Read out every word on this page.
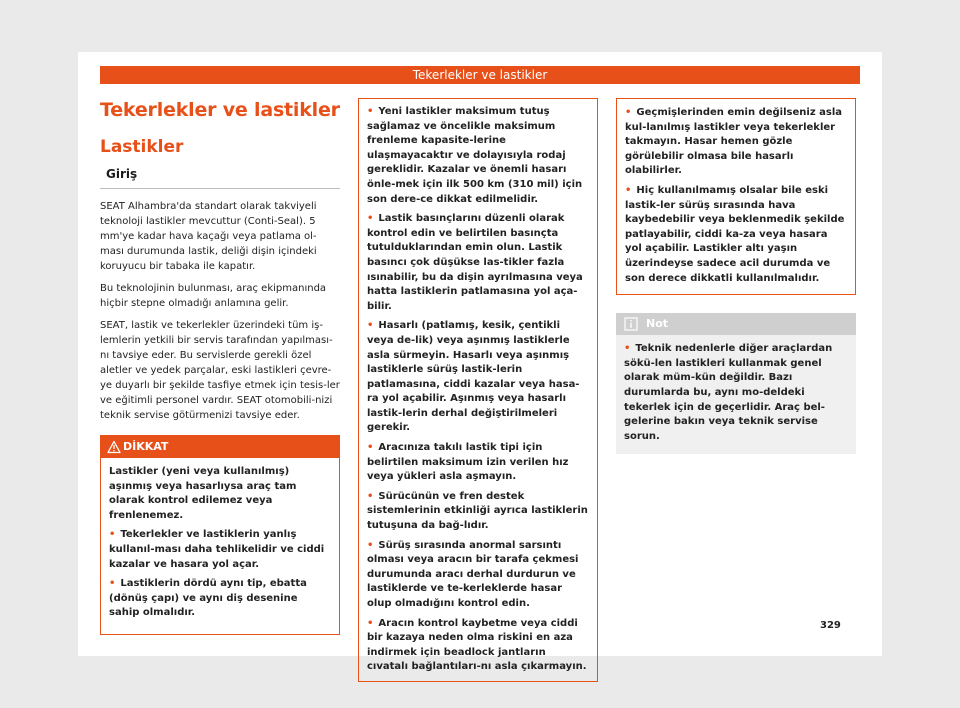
Tekerlekler ve lastikler
Tekerlekler ve lastikler
Lastikler
Giriş

SEAT Alhambra'da standart olarak takviyeli teknoloji lastikler mevcuttur (Conti-Seal). 5 mm'ye kadar hava kaçağı veya patlama ol-ması durumunda lastik, deliği dişin içindeki koruyucu bir tabaka ile kapatır.

Bu teknolojinin bulunması, araç ekipmanında hiçbir stepne olmadığı anlamına gelir.

SEAT, lastik ve tekerlekler üzerindeki tüm iş-lemlerin yetkili bir servis tarafından yapılması-nı tavsiye eder. Bu servislerde gerekli özel aletler ve yedek parçalar, eski lastikleri çevre-ye duyarlı bir şekilde tasfiye etmek için tesis-ler ve eğitimli personel vardır. SEAT otomobili-nizi teknik servise götürmenizi tavsiye eder.

DİKKAT

Lastikler (yeni veya kullanılmış) aşınmış veya hasarlıysa araç tam olarak kontrol edilemez veya frenlenemez.

• Tekerlekler ve lastiklerin yanlış kullanıl-ması daha tehlikelidir ve ciddi kazalar ve hasara yol açar.

• Lastiklerin dördü aynı tip, ebatta (dönüş çapı) ve aynı diş desenine sahip olmalıdır.

• Yeni lastikler maksimum tutuş sağlamaz ve öncelikle maksimum frenleme kapasite-lerine ulaşmayacaktır ve dolayısıyla rodaj gereklidir. Kazalar ve önemli hasarı önle-mek için ilk 500 km (310 mil) için son dere-ce dikkat edilmelidir.

• Lastik basınçlarını düzenli olarak kontrol edin ve belirtilen basınçta tutulduklarından emin olun. Lastik basıncı çok düşükse las-tikler fazla ısınabilir, bu da dişin ayrılmasına veya hatta lastiklerin patlamasına yol aça-bilir.

• Hasarlı (patlamış, kesik, çentikli veya de-lik) veya aşınmış lastiklerle asla sürmeyin. Hasarlı veya aşınmış lastiklerle sürüş lastik-lerin patlamasına, ciddi kazalar veya hasa-ra yol açabilir. Aşınmış veya hasarlı lastik-lerin derhal değiştirilmeleri gerekir.

• Aracınıza takılı lastik tipi için belirtilen maksimum izin verilen hız veya yükleri asla aşmayın.

• Sürücünün ve fren destek sistemlerinin etkinliği ayrıca lastiklerin tutuşuna da bağ-lıdır.

• Sürüş sırasında anormal sarsıntı olması veya aracın bir tarafa çekmesi durumunda aracı derhal durdurun ve lastiklerde ve te-kerleklerde hasar olup olmadığını kontrol edin.

• Aracın kontrol kaybetme veya ciddi bir kazaya neden olma riskini en aza indirmek için beadlock jantların cıvatalı bağlantıları-nı asla çıkarmayın.

• Geçmişlerinden emin değilseniz asla kul-lanılmış lastikler veya tekerlekler takmayın. Hasar hemen gözle görülebilir olmasa bile hasarlı olabilirler.

• Hiç kullanılmamış olsalar bile eski lastik-ler sürüş sırasında hava kaybedebilir veya beklenmedik şekilde patlayabilir, ciddi ka-za veya hasara yol açabilir. Lastikler altı yaşın üzerindeyse sadece acil durumda ve son derece dikkatli kullanılmalıdır.

Not

• Teknik nedenlerle diğer araçlardan sökü-len lastikleri kullanmak genel olarak müm-kün değildir. Bazı durumlarda bu, aynı mo-deldeki tekerlek için de geçerlidir. Araç bel-gelerine bakın veya teknik servise sorun.

329
